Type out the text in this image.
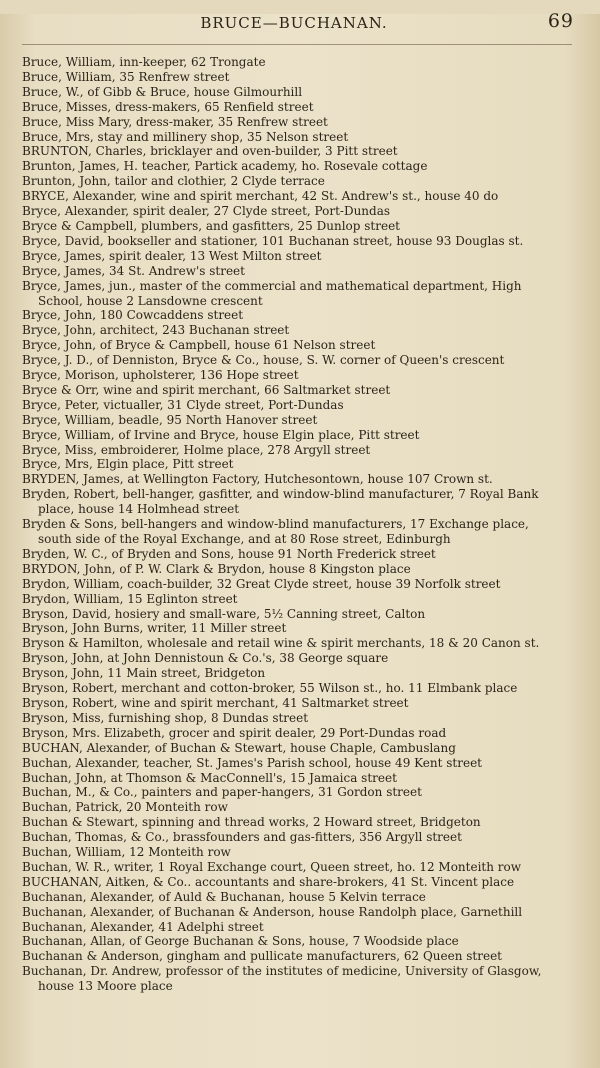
BRUCE—BUCHANAN.	69
Bruce, William, inn-keeper, 62 Trongate
Bruce, William, 35 Renfrew street
Bruce, W., of Gibb & Bruce, house Gilmourhill
Bruce, Misses, dress-makers, 65 Renfield street
Bruce, Miss Mary, dress-maker, 35 Renfrew street
Bruce, Mrs, stay and millinery shop, 35 Nelson street
BRUNTON, Charles, bricklayer and oven-builder, 3 Pitt street
Brunton, James, H. teacher, Partick academy, ho. Rosevale cottage
Brunton, John, tailor and clothier, 2 Clyde terrace
BRYCE, Alexander, wine and spirit merchant, 42 St. Andrew's st., house 40 do
Bryce, Alexander, spirit dealer, 27 Clyde street, Port-Dundas
Bryce & Campbell, plumbers, and gasfitters, 25 Dunlop street
Bryce, David, bookseller and stationer, 101 Buchanan street, house 93 Douglas st.
Bryce, James, spirit dealer, 13 West Milton street
Bryce, James, 34 St. Andrew's street
Bryce, James, jun., master of the commercial and mathematical department, High School, house 2 Lansdowne crescent
Bryce, John, 180 Cowcaddens street
Bryce, John, architect, 243 Buchanan street
Bryce, John, of Bryce & Campbell, house 61 Nelson street
Bryce, J. D., of Denniston, Bryce & Co., house, S. W. corner of Queen's crescent
Bryce, Morison, upholsterer, 136 Hope street
Bryce & Orr, wine and spirit merchant, 66 Saltmarket street
Bryce, Peter, victualler, 31 Clyde street, Port-Dundas
Bryce, William, beadle, 95 North Hanover street
Bryce, William, of Irvine and Bryce, house Elgin place, Pitt street
Bryce, Miss, embroiderer, Holme place, 278 Argyll street
Bryce, Mrs, Elgin place, Pitt street
BRYDEN, James, at Wellington Factory, Hutchesontown, house 107 Crown st.
Bryden, Robert, bell-hanger, gasfitter, and window-blind manufacturer, 7 Royal Bank place, house 14 Holmhead street
Bryden & Sons, bell-hangers and window-blind manufacturers, 17 Exchange place, south side of the Royal Exchange, and at 80 Rose street, Edinburgh
Bryden, W. C., of Bryden and Sons, house 91 North Frederick street
BRYDON, John, of P. W. Clark & Brydon, house 8 Kingston place
Brydon, William, coach-builder, 32 Great Clyde street, house 39 Norfolk street
Brydon, William, 15 Eglinton street
Bryson, David, hosiery and small-ware, 5½ Canning street, Calton
Bryson, John Burns, writer, 11 Miller street
Bryson & Hamilton, wholesale and retail wine & spirit merchants, 18 & 20 Canon st.
Bryson, John, at John Dennistoun & Co.'s, 38 George square
Bryson, John, 11 Main street, Bridgeton
Bryson, Robert, merchant and cotton-broker, 55 Wilson st., ho. 11 Elmbank place
Bryson, Robert, wine and spirit merchant, 41 Saltmarket street
Bryson, Miss, furnishing shop, 8 Dundas street
Bryson, Mrs. Elizabeth, grocer and spirit dealer, 29 Port-Dundas road
BUCHAN, Alexander, of Buchan & Stewart, house Chaple, Cambuslang
Buchan, Alexander, teacher, St. James's Parish school, house 49 Kent street
Buchan, John, at Thomson & MacConnell's, 15 Jamaica street
Buchan, M., & Co., painters and paper-hangers, 31 Gordon street
Buchan, Patrick, 20 Monteith row
Buchan & Stewart, spinning and thread works, 2 Howard street, Bridgeton
Buchan, Thomas, & Co., brassfounders and gas-fitters, 356 Argyll street
Buchan, William, 12 Monteith row
Buchan, W. R., writer, 1 Royal Exchange court, Queen street, ho. 12 Monteith row
BUCHANAN, Aitken, & Co.. accountants and share-brokers, 41 St. Vincent place
Buchanan, Alexander, of Auld & Buchanan, house 5 Kelvin terrace
Buchanan, Alexander, of Buchanan & Anderson, house Randolph place, Garnethill
Buchanan, Alexander, 41 Adelphi street
Buchanan, Allan, of George Buchanan & Sons, house, 7 Woodside place
Buchanan & Anderson, gingham and pullicate manufacturers, 62 Queen street
Buchanan, Dr. Andrew, professor of the institutes of medicine, University of Glasgow, house 13 Moore place
